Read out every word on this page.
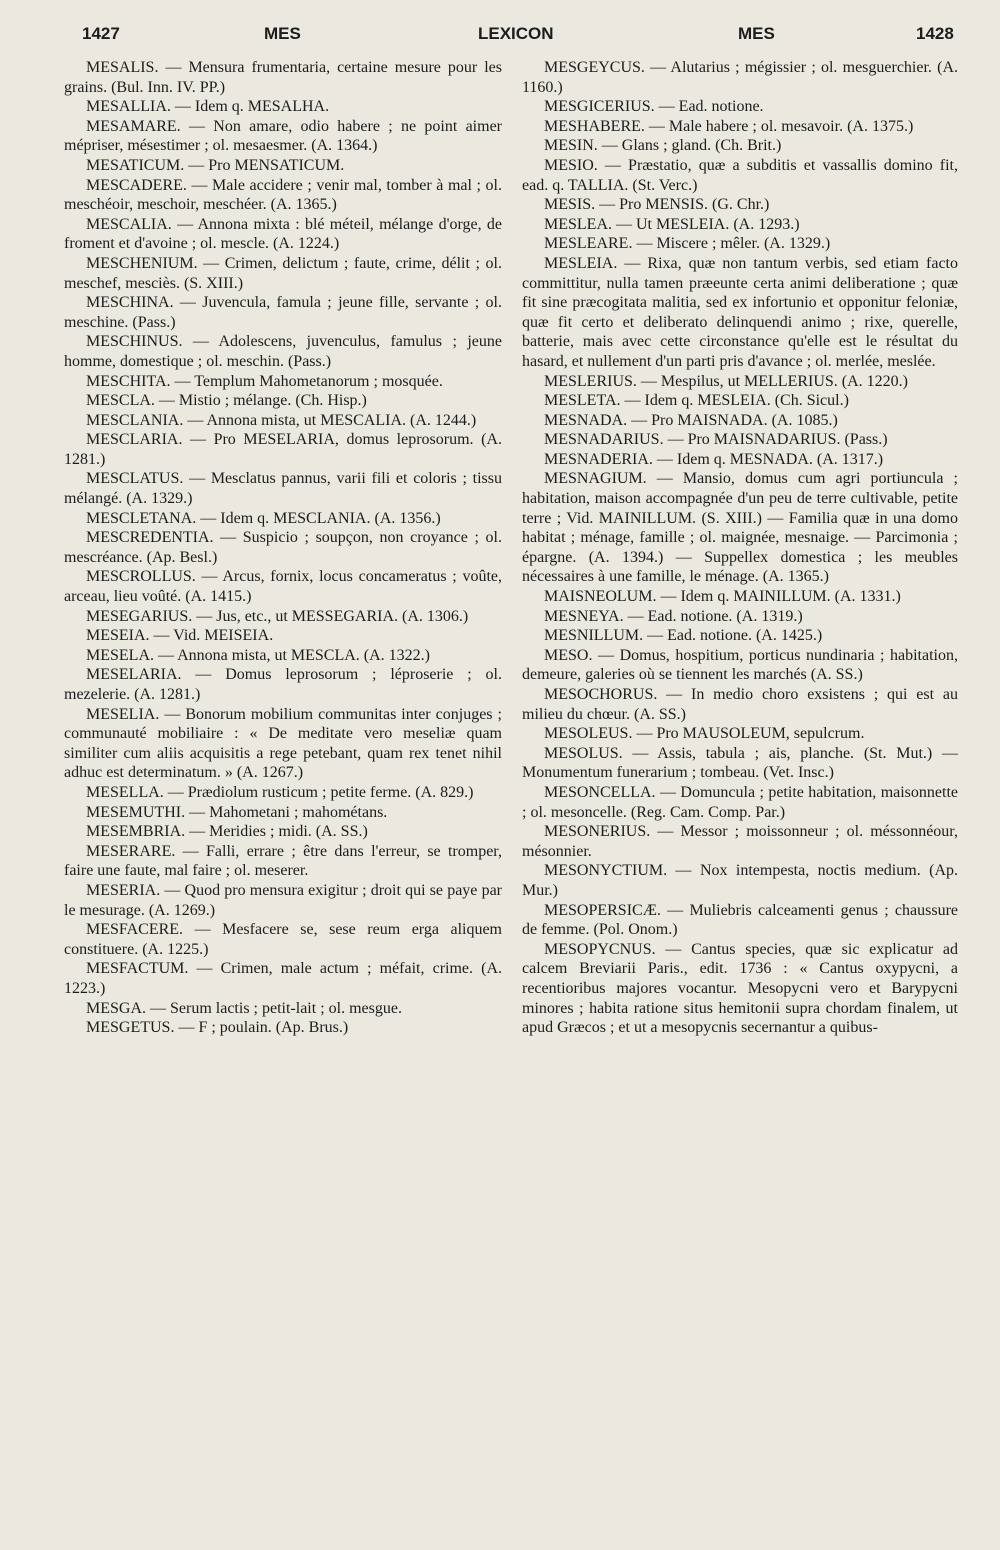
1427	MES	LEXICON	MES	1428

MESALIS. — Mensura frumentaria, certaine mesure pour les grains. (Bul. Inn. IV. PP.)

MESALLIA. — Idem q. MESALHA.

MESAMARE. — Non amare, odio habere ; ne point aimer mépriser, mésestimer ; ol. mesaesmer. (A. 1364.)

MESATICUM. — Pro MENSATICUM.

MESCADERE. — Male accidere ; venir mal, tomber à mal ; ol. meschéoir, meschoir, meschéer. (A. 1365.)

MESCALIA. — Annona mixta : blé méteil, mélange d'orge, de froment et d'avoine ; ol. mescle. (A. 1224.)

MESCHENIUM. — Crimen, delictum ; faute, crime, délit ; ol. meschef, mesciès. (S. XIII.)

MESCHINA. — Juvencula, famula ; jeune fille, servante ; ol. meschine. (Pass.)

MESCHINUS. — Adolescens, juvenculus, famulus ; jeune homme, domestique ; ol. meschin. (Pass.)

MESCHITA. — Templum Mahometanorum ; mosquée.

MESCLA. — Mistio ; mélange. (Ch. Hisp.)

MESCLANIA. — Annona mista, ut MESCALIA. (A. 1244.)

MESCLARIA. — Pro MESELARIA, domus leprosorum. (A. 1281.)

MESCLATUS. — Mesclatus pannus, varii fili et coloris ; tissu mélangé. (A. 1329.)

MESCLETANA. — Idem q. MESCLANIA. (A. 1356.)

MESCREDENTIA. — Suspicio ; soupçon, non croyance ; ol. mescréance. (Ap. Besl.)

MESCROLLUS. — Arcus, fornix, locus concameratus ; voûte, arceau, lieu voûté. (A. 1415.)

MESEGARIUS. — Jus, etc., ut MESSEGARIA. (A. 1306.)

MESEIA. — Vid. MEISEIA.

MESELA. — Annona mista, ut MESCLA. (A. 1322.)

MESELARIA. — Domus leprosorum ; léproserie ; ol. mezelerie. (A. 1281.)

MESELIA. — Bonorum mobilium communitas inter conjuges ; communauté mobiliaire : « De meditate vero meseliæ quam similiter cum aliis acquisitis a rege petebant, quam rex tenet nihil adhuc est determinatum. » (A. 1267.)

MESELLA. — Prædiolum rusticum ; petite ferme. (A. 829.)

MESEMUTHI. — Mahometani ; mahométans.

MESEMBRIA. — Meridies ; midi. (A. SS.)

MESERARE. — Falli, errare ; être dans l'erreur, se tromper, faire une faute, mal faire ; ol. meserer.

MESERIA. — Quod pro mensura exigitur ; droit qui se paye par le mesurage. (A. 1269.)

MESFACERE. — Mesfacere se, sese reum erga aliquem constituere. (A. 1225.)

MESFACTUM. — Crimen, male actum ; méfait, crime. (A. 1223.)

MESGA. — Serum lactis ; petit-lait ; ol. mesgue.

MESGETUS. — F ; poulain. (Ap. Brus.)

MESGEYCUS. — Alutarius ; mégissier ; ol. mesguerchier. (A. 1160.)

MESGICERIUS. — Ead. notione.

MESHABERE. — Male habere ; ol. mesavoir. (A. 1375.)

MESIN. — Glans ; gland. (Ch. Brit.)

MESIO. — Præstatio, quæ a subditis et vassallis domino fit, ead. q. TALLIA. (St. Verc.)

MESIS. — Pro MENSIS. (G. Chr.)

MESLEA. — Ut MESLEIA. (A. 1293.)

MESLEARE. — Miscere ; mêler. (A. 1329.)

MESLEIA. — Rixa, quæ non tantum verbis, sed etiam facto committitur, nulla tamen præeunte certa animi deliberatione ; quæ fit sine præcogitata malitia, sed ex infortunio et opponitur feloniæ, quæ fit certo et deliberato delinquendi animo ; rixe, querelle, batterie, mais avec cette circonstance qu'elle est le résultat du hasard, et nullement d'un parti pris d'avance ; ol. merlée, meslée.

MESLERIUS. — Mespilus, ut MELLERIUS. (A. 1220.)

MESLETA. — Idem q. MESLEIA. (Ch. Sicul.)

MESNADA. — Pro MAISNADA. (A. 1085.)

MESNADARIUS. — Pro MAISNADARIUS. (Pass.)

MESNADERIA. — Idem q. MESNADA. (A. 1317.)

MESNAGIUM. — Mansio, domus cum agri portiuncula ; habitation, maison accompagnée d'un peu de terre cultivable, petite terre ; Vid. MAINILLUM. (S. XIII.) — Familia quæ in una domo habitat ; ménage, famille ; ol. maignée, mesnaige. — Parcimonia ; épargne. (A. 1394.) — Suppellex domestica ; les meubles nécessaires à une famille, le ménage. (A. 1365.)

MAISNEOLUM. — Idem q. MAINILLUM. (A. 1331.)

MESNEYA. — Ead. notione. (A. 1319.)

MESNILLUM. — Ead. notione. (A. 1425.)

MESO. — Domus, hospitium, porticus nundinaria ; habitation, demeure, galeries où se tiennent les marchés (A. SS.)

MESOCHORUS. — In medio choro exsistens ; qui est au milieu du chœur. (A. SS.)

MESOLEUS. — Pro MAUSOLEUM, sepulcrum.

MESOLUS. — Assis, tabula ; ais, planche. (St. Mut.) — Monumentum funerarium ; tombeau. (Vet. Insc.)

MESONCELLA. — Domuncula ; petite habitation, maisonnette ; ol. mesoncelle. (Reg. Cam. Comp. Par.)

MESONERIUS. — Messor ; moissonneur ; ol. méssonnéour, mésonnier.

MESONYCTIUM. — Nox intempesta, noctis medium. (Ap. Mur.)

MESOPERSICÆ. — Muliebris calceamenti genus ; chaussure de femme. (Pol. Onom.)

MESOPYCNUS. — Cantus species, quæ sic explicatur ad calcem Breviarii Paris., edit. 1736 : « Cantus oxypycni, a recentioribus majores vocantur. Mesopycni vero et Barypycni minores ; habita ratione situs hemitonii supra chordam finalem, ut apud Græcos ; et ut a mesopycnis secernantur a quibus-
